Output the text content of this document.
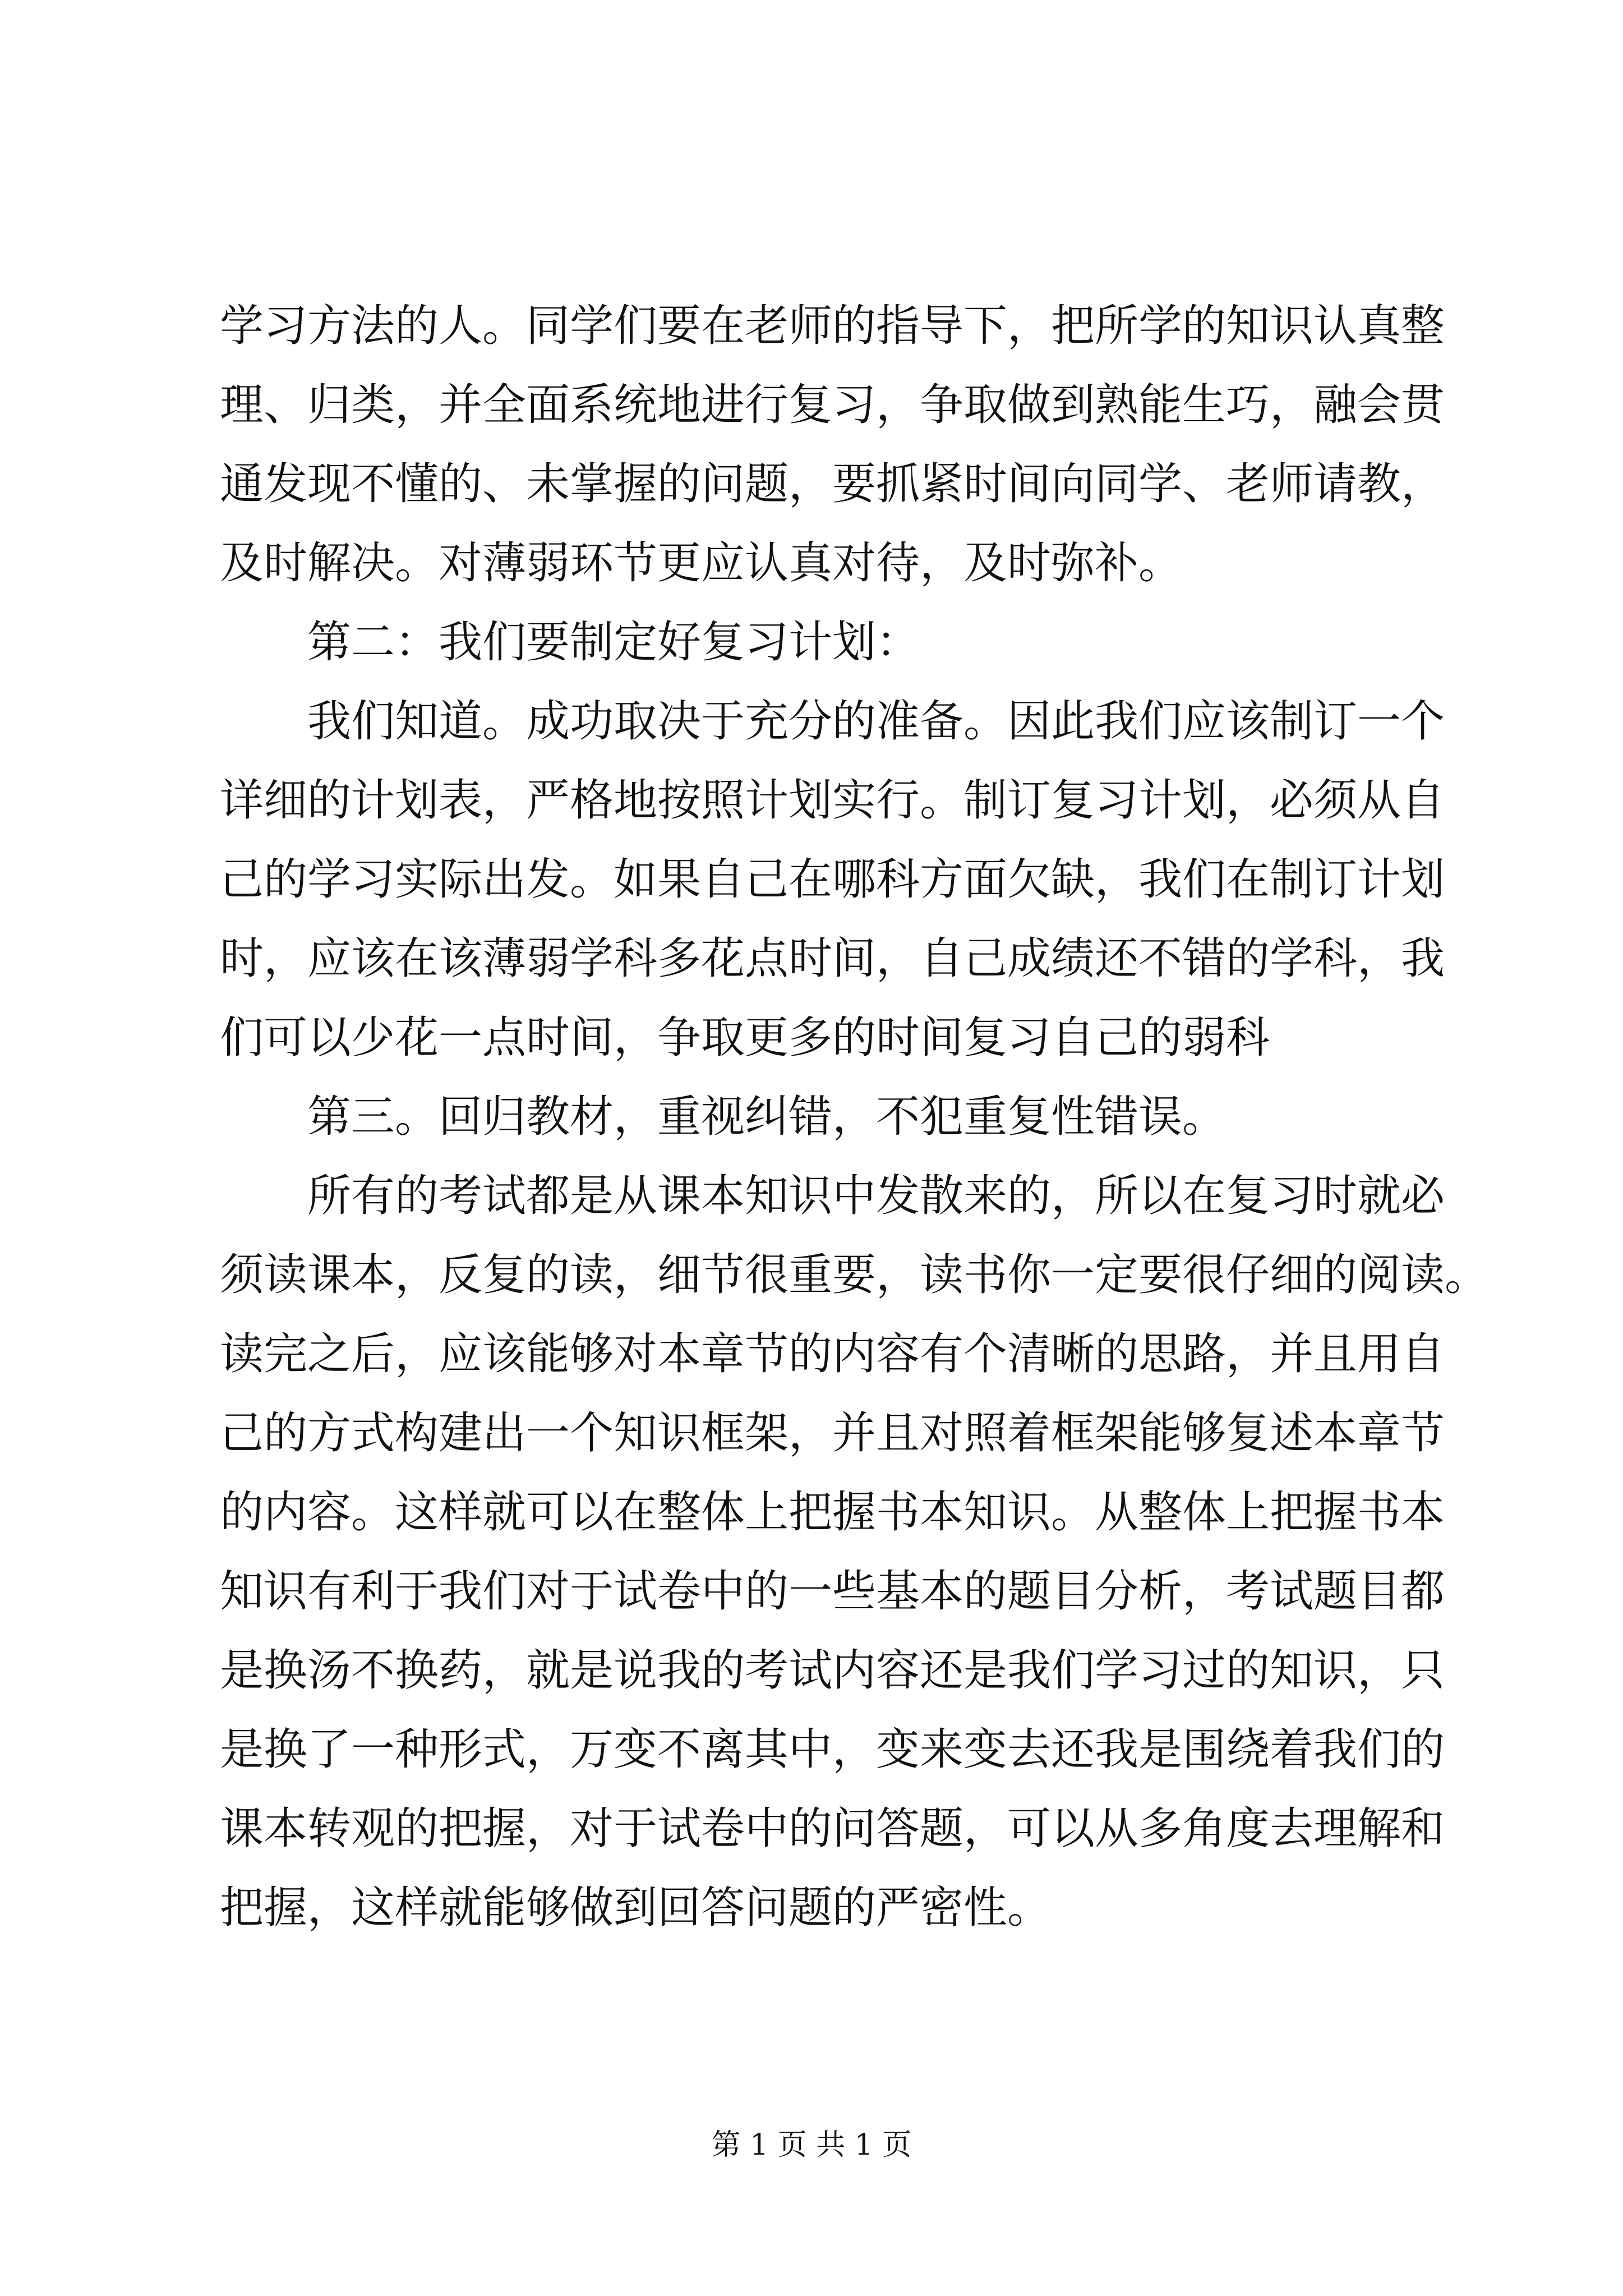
学习方法的人。同学们要在老师的指导下，把所学的知识认真整
理、归类，并全面系统地进行复习，争取做到熟能生巧，融会贯
通发现不懂的、未掌握的问题，要抓紧时间向同学、老师请教，
及时解决。对薄弱环节更应认真对待，及时弥补。
第二：我们要制定好复习计划：
我们知道。成功取决于充分的准备。因此我们应该制订一个
详细的计划表，严格地按照计划实行。制订复习计划，必须从自
己的学习实际出发。如果自己在哪科方面欠缺，我们在制订计划
时，应该在该薄弱学科多花点时间，自己成绩还不错的学科，我
们可以少花一点时间，争取更多的时间复习自己的弱科
第三。回归教材，重视纠错，不犯重复性错误。
所有的考试都是从课本知识中发散来的，所以在复习时就必
须读课本，反复的读，细节很重要，读书你一定要很仔细的阅读。
读完之后，应该能够对本章节的内容有个清晰的思路，并且用自
己的方式构建出一个知识框架，并且对照着框架能够复述本章节
的内容。这样就可以在整体上把握书本知识。从整体上把握书本
知识有利于我们对于试卷中的一些基本的题目分析，考试题目都
是换汤不换药，就是说我的考试内容还是我们学习过的知识，只
是换了一种形式，万变不离其中，变来变去还我是围绕着我们的
课本转观的把握，对于试卷中的问答题，可以从多角度去理解和
把握，这样就能够做到回答问题的严密性。
第 1 页 共 1 页
